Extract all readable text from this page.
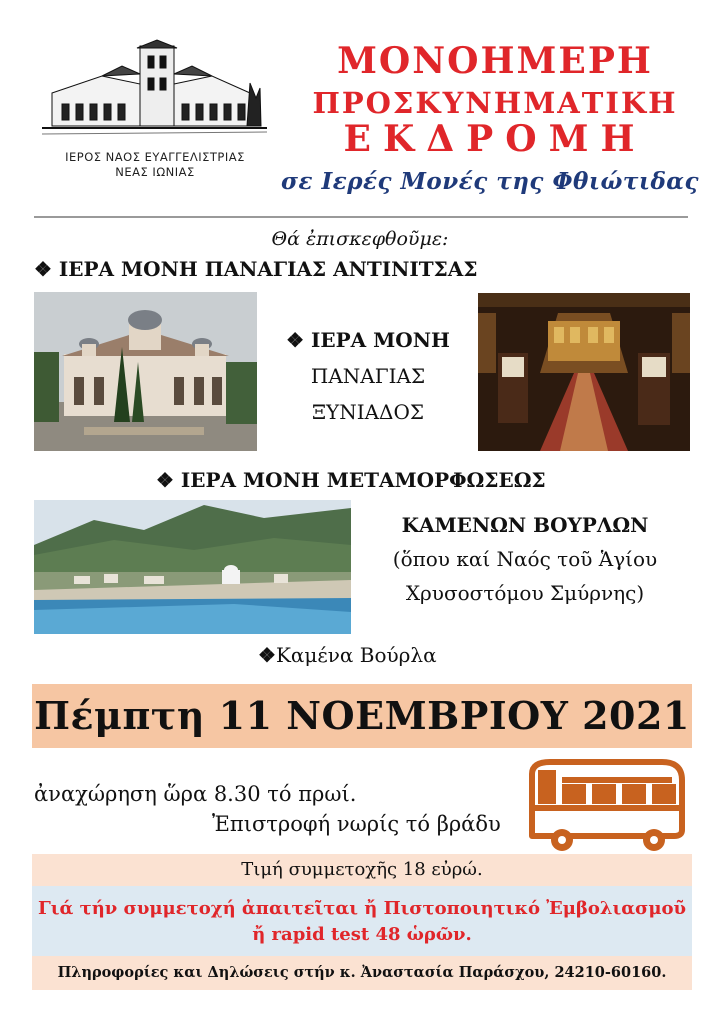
ΙΕΡΟΣ ΝΑΟΣ ΕΥΑΓΓΕΛΙΣΤΡΙΑΣ
ΝΕΑΣ ΙΩΝΙΑΣ
ΜΟΝΟΗΜΕΡΗ
ΠΡΟΣΚΥΝΗΜΑΤΙΚΗ
ΕΚΔΡΟΜΗ
σε Ιερές Μονές της Φθιώτιδας
Θά ἐπισκεφθοῦμε:
❖ ΙΕΡΑ ΜΟΝΗ ΠΑΝΑΓΙΑΣ ΑΝΤΙΝΙΤΣΑΣ
❖ ΙΕΡΑ ΜΟΝΗ
ΠΑΝΑΓΙΑΣ
ΞΥΝΙΑΔΟΣ
❖ ΙΕΡΑ ΜΟΝΗ ΜΕΤΑΜΟΡΦΩΣΕΩΣ
ΚΑΜΕΝΩΝ ΒΟΥΡΛΩΝ
(ὅπου καί Ναός τοῦ Ἁγίου
Χρυσοστόμου Σμύρνης)
❖Καμένα Βούρλα
Πέμπτη 11 ΝΟΕΜΒΡΙΟΥ 2021
ἀναχώρηση ὥρα 8.30 τό πρωί.
Ἐπιστροφή νωρίς τό βράδυ
Τιμή συμμετοχῆς 18 εὐρώ.
Γιά τήν συμμετοχή ἀπαιτεῖται ἤ Πιστοποιητικό Ἐμβολιασμοῦ
ἤ rapid test 48 ὡρῶν.
Πληροφορίες και Δηλώσεις στήν κ. Ἀναστασία Παράσχου, 24210-60160.
